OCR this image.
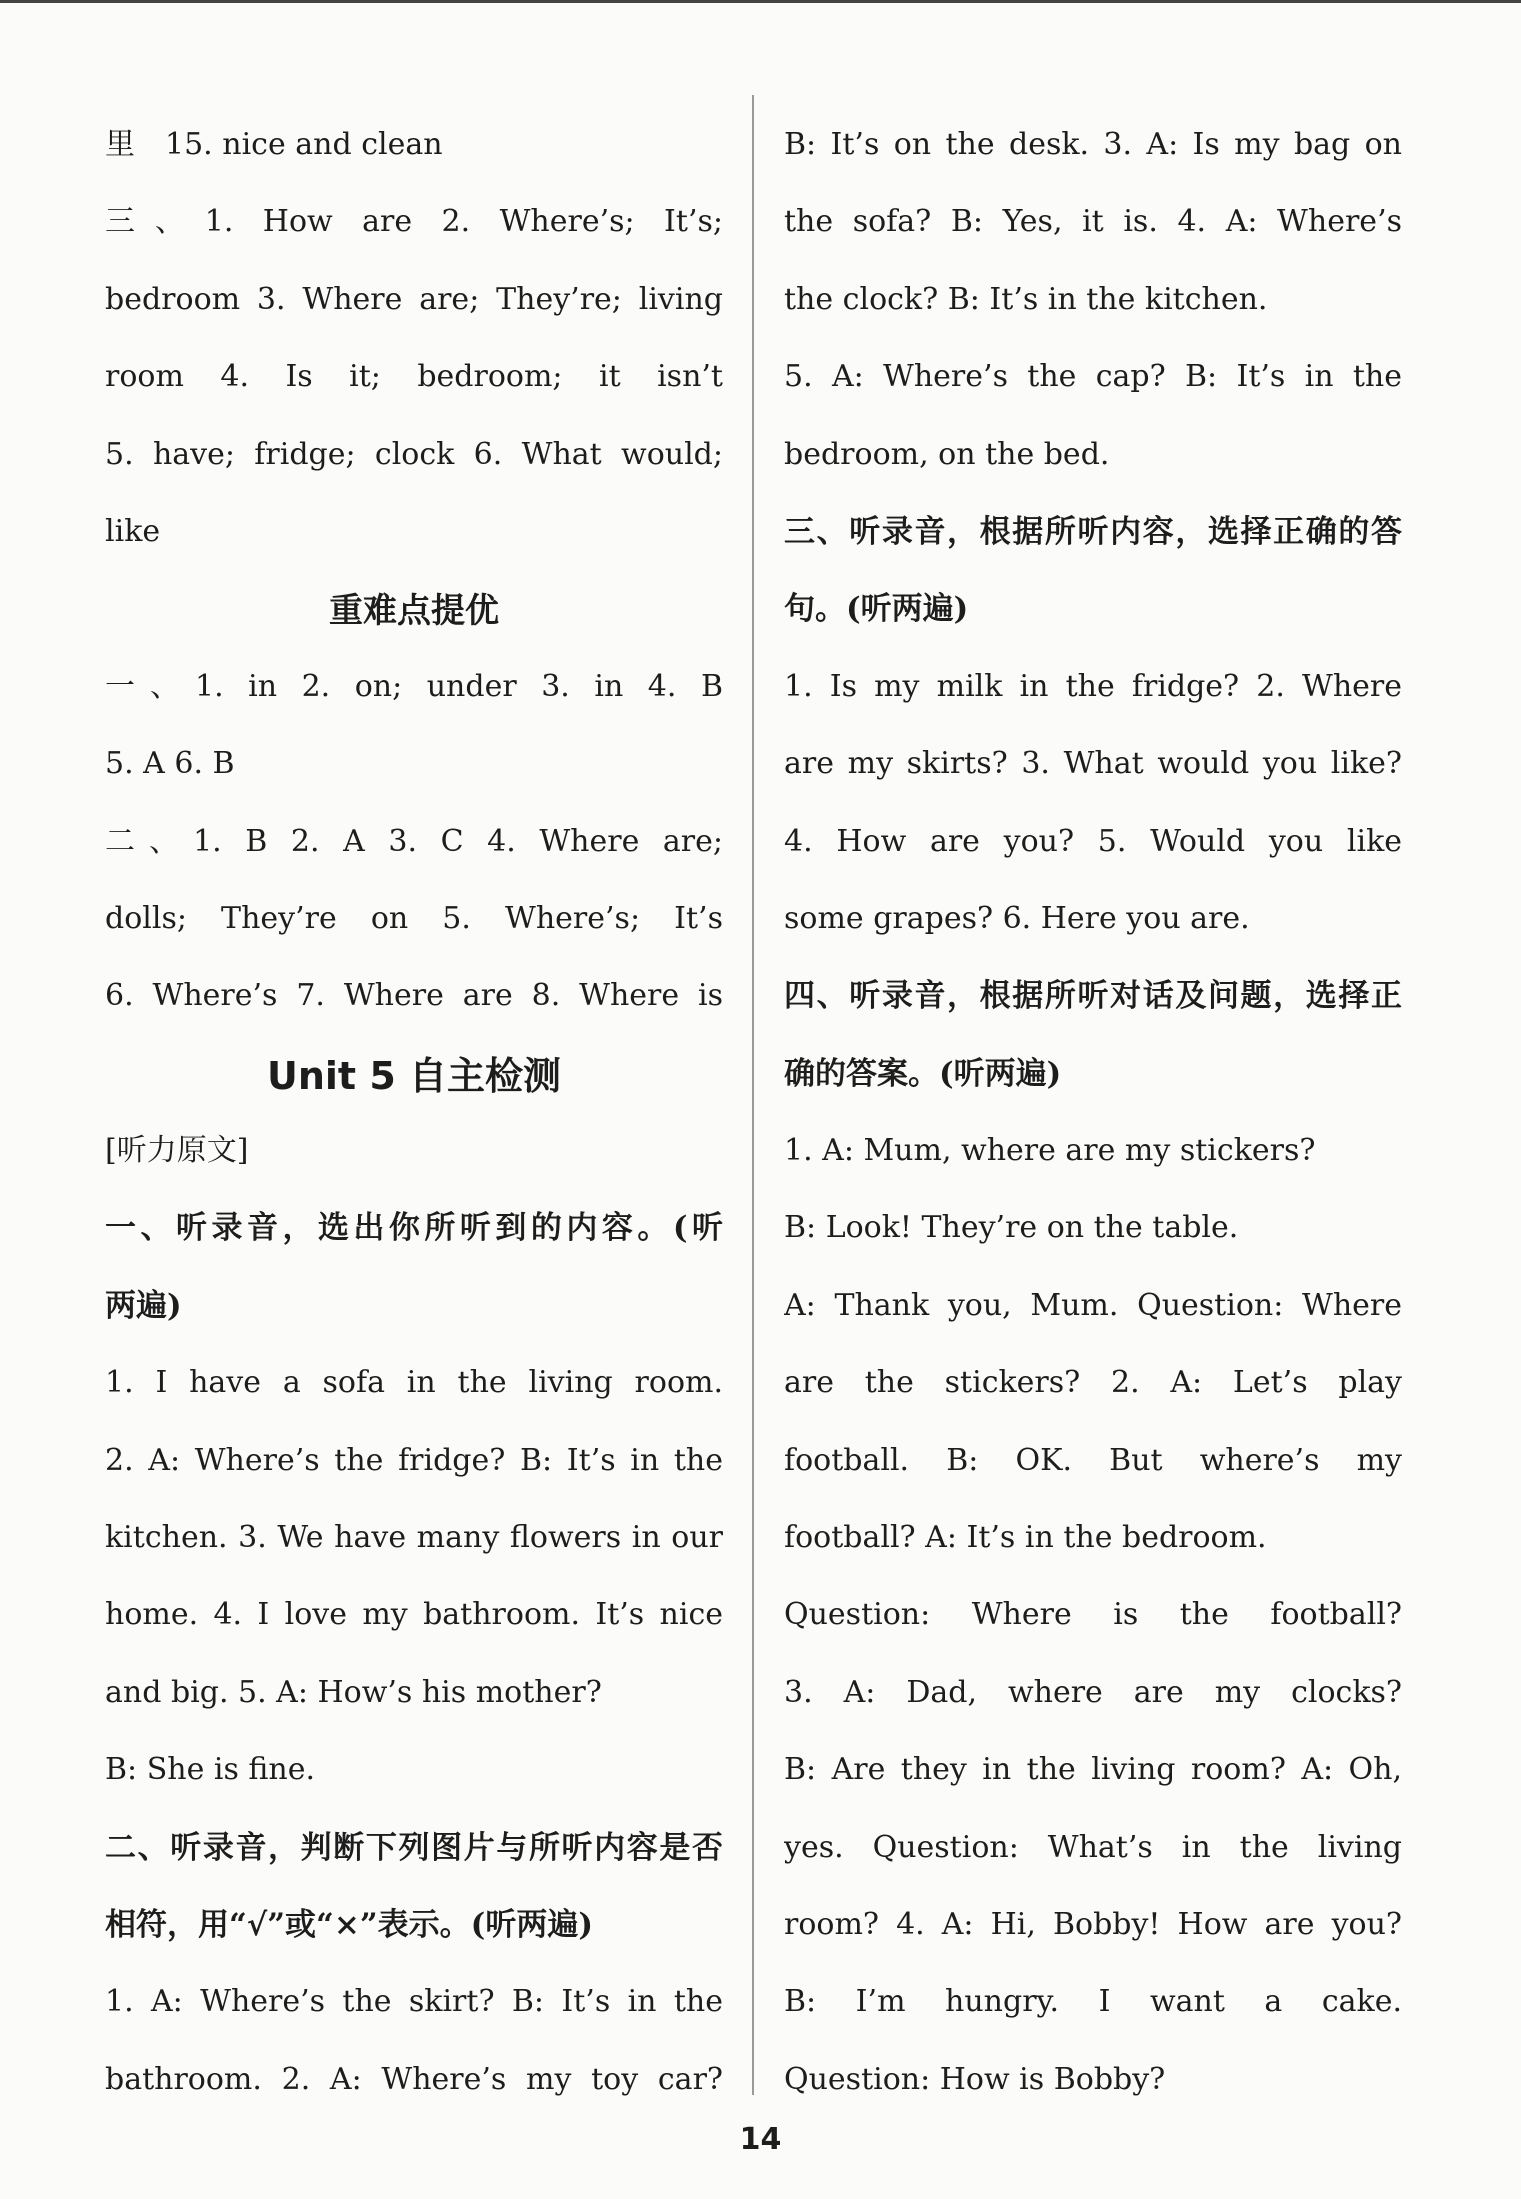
里　15. nice and clean
三、1. How are 2. Where’s; It’s;
bedroom 3. Where are; They’re; living
room 4. Is it; bedroom; it isn’t
5. have; fridge; clock 6. What would;
like
重难点提优
一、1. in 2. on; under 3. in 4. B
5. A 6. B
二、1. B 2. A 3. C 4. Where are;
dolls; They’re on 5. Where’s; It’s
6. Where’s 7. Where are 8. Where is
Unit 5 自主检测
[听力原文]
一、听录音，选出你所听到的内容。(听
两遍)
1. I have a sofa in the living room.
2. A: Where’s the fridge? B: It’s in the
kitchen. 3. We have many flowers in our
home. 4. I love my bathroom. It’s nice
and big. 5. A: How’s his mother?
B: She is fine.
二、听录音，判断下列图片与所听内容是否
相符，用“√”或“×”表示。(听两遍)
1. A: Where’s the skirt? B: It’s in the
bathroom. 2. A: Where’s my toy car?
B: It’s on the desk. 3. A: Is my bag on
the sofa? B: Yes, it is. 4. A: Where’s
the clock? B: It’s in the kitchen.
5. A: Where’s the cap? B: It’s in the
bedroom, on the bed.
三、听录音，根据所听内容，选择正确的答
句。(听两遍)
1. Is my milk in the fridge? 2. Where
are my skirts? 3. What would you like?
4. How are you? 5. Would you like
some grapes? 6. Here you are.
四、听录音，根据所听对话及问题，选择正
确的答案。(听两遍)
1. A: Mum, where are my stickers?
B: Look! They’re on the table.
A: Thank you, Mum. Question: Where
are the stickers? 2. A: Let’s play
football. B: OK. But where’s my
football? A: It’s in the bedroom.
Question: Where is the football?
3. A: Dad, where are my clocks?
B: Are they in the living room? A: Oh,
yes. Question: What’s in the living
room? 4. A: Hi, Bobby! How are you?
B: I’m hungry. I want a cake.
Question: How is Bobby?
14
